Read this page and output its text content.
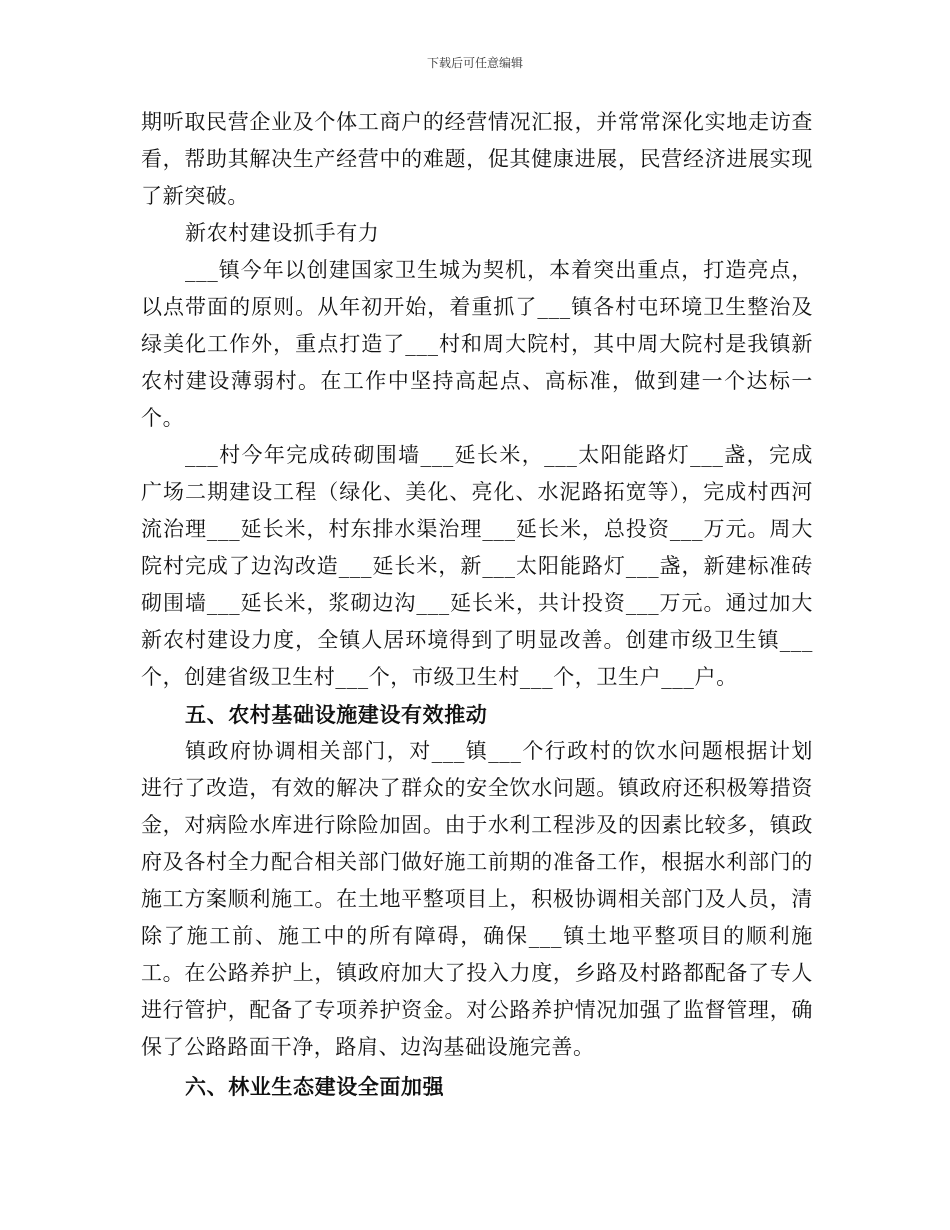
下载后可任意编辑

期听取民营企业及个体工商户的经营情况汇报，并常常深化实地走访查看，帮助其解决生产经营中的难题，促其健康进展，民营经济进展实现了新突破。

新农村建设抓手有力

___镇今年以创建国家卫生城为契机，本着突出重点，打造亮点，以点带面的原则。从年初开始，着重抓了___镇各村屯环境卫生整治及绿美化工作外，重点打造了___村和周大院村，其中周大院村是我镇新农村建设薄弱村。在工作中坚持高起点、高标准，做到建一个达标一个。

___村今年完成砖砌围墙___延长米，___太阳能路灯___盏，完成广场二期建设工程（绿化、美化、亮化、水泥路拓宽等），完成村西河流治理___延长米，村东排水渠治理___延长米，总投资___万元。周大院村完成了边沟改造___延长米，新___太阳能路灯___盏，新建标准砖砌围墙___延长米，浆砌边沟___延长米，共计投资___万元。通过加大新农村建设力度，全镇人居环境得到了明显改善。创建市级卫生镇___个，创建省级卫生村___个，市级卫生村___个，卫生户___户。

五、农村基础设施建设有效推动

镇政府协调相关部门，对___镇___个行政村的饮水问题根据计划进行了改造，有效的解决了群众的安全饮水问题。镇政府还积极筹措资金，对病险水库进行除险加固。由于水利工程涉及的因素比较多，镇政府及各村全力配合相关部门做好施工前期的准备工作，根据水利部门的施工方案顺利施工。在土地平整项目上，积极协调相关部门及人员，清除了施工前、施工中的所有障碍，确保___镇土地平整项目的顺利施工。在公路养护上，镇政府加大了投入力度，乡路及村路都配备了专人进行管护，配备了专项养护资金。对公路养护情况加强了监督管理，确保了公路路面干净，路肩、边沟基础设施完善。

六、林业生态建设全面加强
